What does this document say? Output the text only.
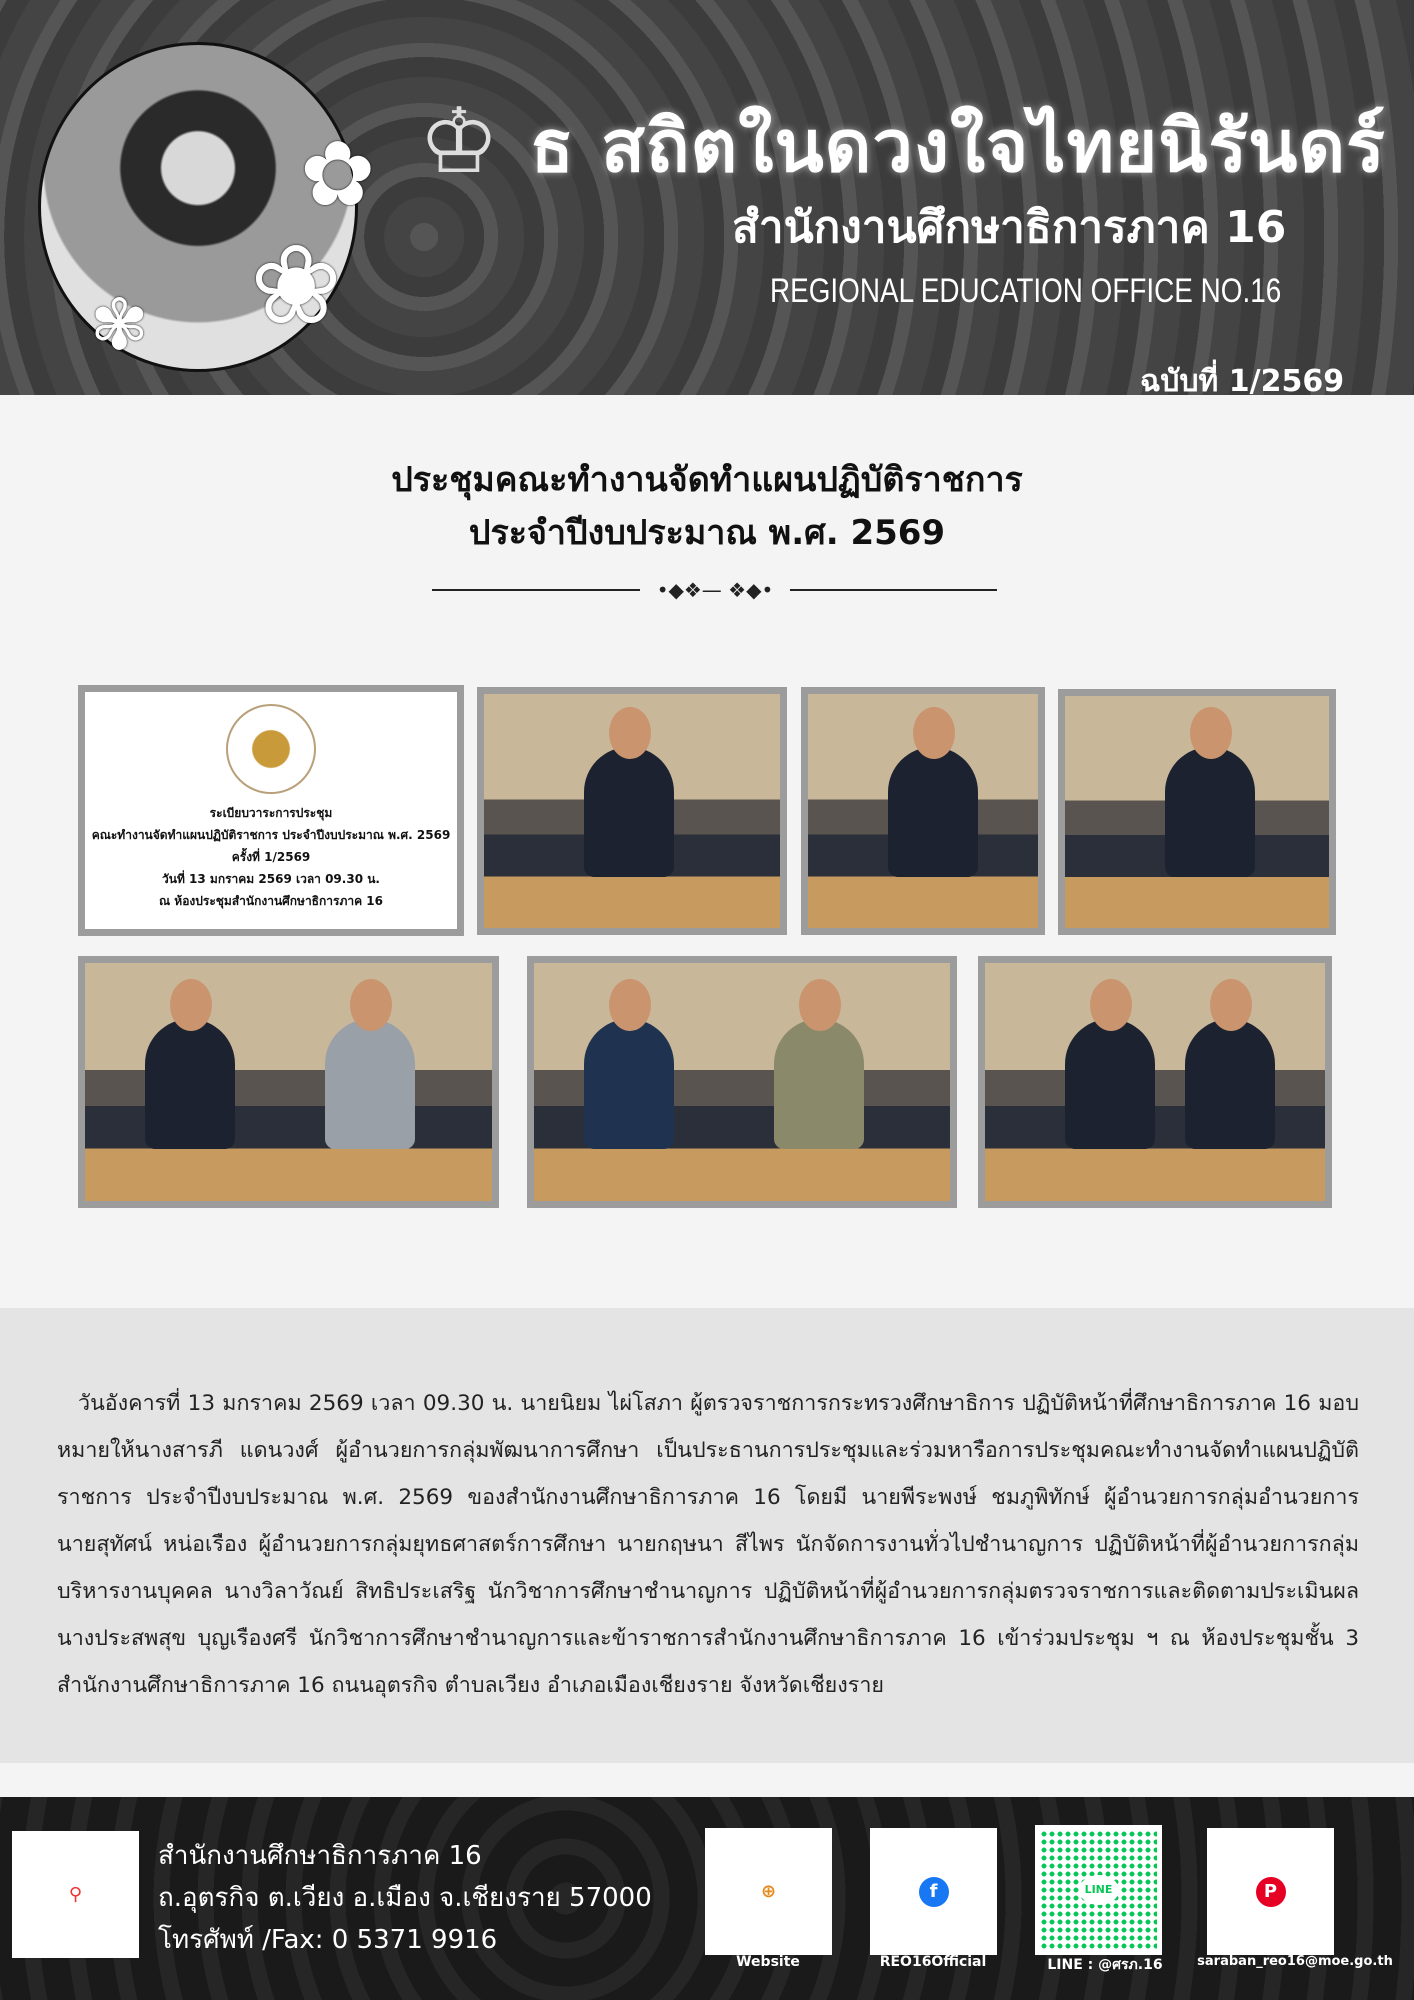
✿
❀
✾
♔ ธ สถิตในดวงใจไทยนิรันดร์
สำนักงานศึกษาธิการภาค 16
REGIONAL EDUCATION OFFICE NO.16
ฉบับที่ 1/2569
ประชุมคณะทำงานจัดทำแผนปฏิบัติราชการ
ประจำปีงบประมาณ พ.ศ. 2569
•◆❖— ❖◆•
ระเบียบวาระการประชุม
คณะทำงานจัดทำแผนปฏิบัติราชการ ประจำปีงบประมาณ พ.ศ. 2569
ครั้งที่ 1/2569
วันที่ 13 มกราคม 2569 เวลา 09.30 น.
ณ ห้องประชุมสำนักงานศึกษาธิการภาค 16
วันอังคารที่ 13 มกราคม 2569 เวลา 09.30 น. นายนิยม ไผ่โสภา ผู้ตรวจราชการกระทรวงศึกษาธิการ ปฏิบัติหน้าที่ศึกษาธิการภาค 16 มอบ
หมายให้นางสารภี แดนวงศ์ ผู้อำนวยการกลุ่มพัฒนาการศึกษา เป็นประธานการประชุมและร่วมหารือการประชุมคณะทำงานจัดทำแผนปฏิบัติ
ราชการ ประจำปีงบประมาณ พ.ศ. 2569 ของสำนักงานศึกษาธิการภาค 16 โดยมี นายพีระพงษ์ ชมภูพิทักษ์ ผู้อำนวยการกลุ่มอำนวยการ
นายสุทัศน์ หน่อเรือง ผู้อำนวยการกลุ่มยุทธศาสตร์การศึกษา นายกฤษนา สีไพร นักจัดการงานทั่วไปชำนาญการ ปฏิบัติหน้าที่ผู้อำนวยการกลุ่ม
บริหารงานบุคคล นางวิลาวัณย์ สิทธิประเสริฐ นักวิชาการศึกษาชำนาญการ ปฏิบัติหน้าที่ผู้อำนวยการกลุ่มตรวจราชการและติดตามประเมินผล
นางประสพสุข บุญเรืองศรี นักวิชาการศึกษาชำนาญการและข้าราชการสำนักงานศึกษาธิการภาค 16 เข้าร่วมประชุม ฯ ณ ห้องประชุมชั้น 3
สำนักงานศึกษาธิการภาค 16 ถนนอุตรกิจ ตำบลเวียง อำเภอเมืองเชียงราย จังหวัดเชียงราย
⚲
สำนักงานศึกษาธิการภาค 16
ถ.อุตรกิจ ต.เวียง อ.เมือง จ.เชียงราย 57000
โทรศัพท์ /Fax: 0 5371 9916
⊕	f	LINE	P
Website	REO16Official	LINE : @ศรภ.16	saraban_reo16@moe.go.th
